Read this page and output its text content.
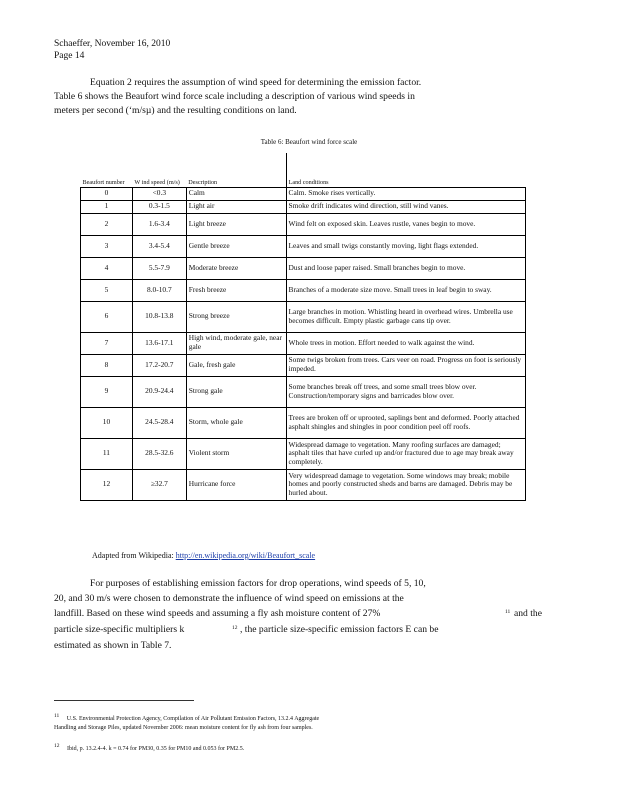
Schaeffer, November 16, 2010
Page 14
Equation 2 requires the assumption of wind speed for determining the emission factor.
Table 6 shows the Beaufort wind force scale including a description of various wind speeds in
meters per second (‘m/sµ) and the resulting conditions on land.
Table 6: Beaufort wind force scale
Beaufort number	W ind speed (m/s)	Description	Land conditions
0	<0.3	Calm	Calm. Smoke rises vertically.
1	0.3-1.5	Light air	Smoke drift indicates wind direction, still wind vanes.
2	1.6-3.4	Light breeze	Wind felt on exposed skin. Leaves rustle, vanes begin to move.
3	3.4-5.4	Gentle breeze	Leaves and small twigs constantly moving, light flags extended.
4	5.5-7.9	Moderate breeze	Dust and loose paper raised. Small branches begin to move.
5	8.0-10.7	Fresh breeze	Branches of a moderate size move. Small trees in leaf begin to sway.
6	10.8-13.8	Strong breeze	Large branches in motion. Whistling heard in overhead wires. Umbrella use becomes difficult. Empty plastic garbage cans tip over.
7	13.6-17.1	High wind, moderate gale, near gale	Whole trees in motion. Effort needed to walk against the wind.
8	17.2-20.7	Gale, fresh gale	Some twigs broken from trees. Cars veer on road. Progress on foot is seriously impeded.
9	20.9-24.4	Strong gale	Some branches break off trees, and some small trees blow over. Construction/temporary signs and barricades blow over.
10	24.5-28.4	Storm, whole gale	Trees are broken off or uprooted, saplings bent and deformed. Poorly attached asphalt shingles and shingles in poor condition peel off roofs.
11	28.5-32.6	Violent storm	Widespread damage to vegetation. Many roofing surfaces are damaged; asphalt tiles that have curled up and/or fractured due to age may break away completely.
12	≥32.7	Hurricane force	Very widespread damage to vegetation. Some windows may break; mobile homes and poorly constructed sheds and barns are damaged. Debris may be hurled about.
Adapted from Wikipedia: http://en.wikipedia.org/wiki/Beaufort_scale
For purposes of establishing emission factors for drop operations, wind speeds of 5, 10,
20, and 30 m/s were chosen to demonstrate the influence of wind speed on emissions at the
landfill. Based on these wind speeds and assuming a fly ash moisture content of 27%	11 and the
particle size-specific multipliers k	12 , the particle size-specific emission factors E can be
estimated as shown in Table 7.
$^{11}$ U.S. Environmental Protection Agency, Compilation of Air Pollutant Emission Factors, 13.2.4 Aggregate
Handling and Storage Piles, updated November 2006: mean moisture content for fly ash from four samples.
$^{12}$ Ibid, p. 13.2.4-4. k = 0.74 for PM30, 0.35 for PM10 and 0.053 for PM2.5.
